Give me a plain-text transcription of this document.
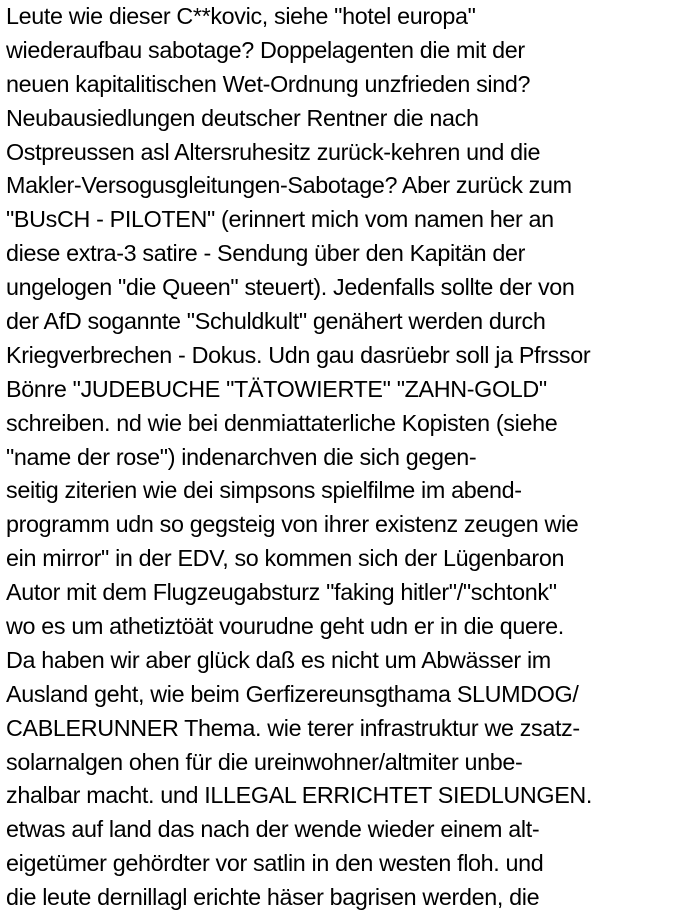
Leute wie dieser C**kovic, siehe "hotel europa"
wiederaufbau sabotage? Doppelagenten die mit der
neuen kapitalitischen Wet-Ordnung unzfrieden sind?
Neubausiedlungen deutscher Rentner die nach
Ostpreussen asl Altersruhesitz zurück-kehren und die
Makler-Versogusgleitungen-Sabotage? Aber zurück zum
"BUsCH - PILOTEN" (erinnert mich vom namen her an
diese extra-3 satire - Sendung über den Kapitän der
ungelogen "die Queen" steuert). Jedenfalls sollte der von
der AfD sogannte "Schuldkult" genähert werden durch
Kriegverbrechen - Dokus. Udn gau dasrüebr soll ja Pfrssor
Bönre "JUDEBUCHE "TÄTOWIERTE" "ZAHN-GOLD"
schreiben. nd wie bei denmiattaterliche Kopisten (siehe
"name der rose") indenarchven die sich gegen-
seitig ziterien wie dei simpsons spielfilme im abend-
programm udn so gegsteig von ihrer existenz zeugen wie
ein mirror" in der EDV, so kommen sich der Lügenbaron
Autor mit dem Flugzeugabsturz "faking hitler"/"schtonk"
wo es um athetiztöät vourudne geht udn er in die quere.
Da haben wir aber glück daß es nicht um Abwässer im
Ausland geht, wie beim Gerfizereunsgthama SLUMDOG/
CABLERUNNER Thema. wie terer infrastruktur we zsatz-
solarnalgen ohen für die ureinwohner/altmiter unbe-
zhalbar macht. und ILLEGAL ERRICHTET SIEDLUNGEN.
etwas auf land das nach der wende wieder einem alt-
eigetümer gehördter vor satlin in den westen floh. und
die leute dernillagl erichte häser bagrisen werden, die
